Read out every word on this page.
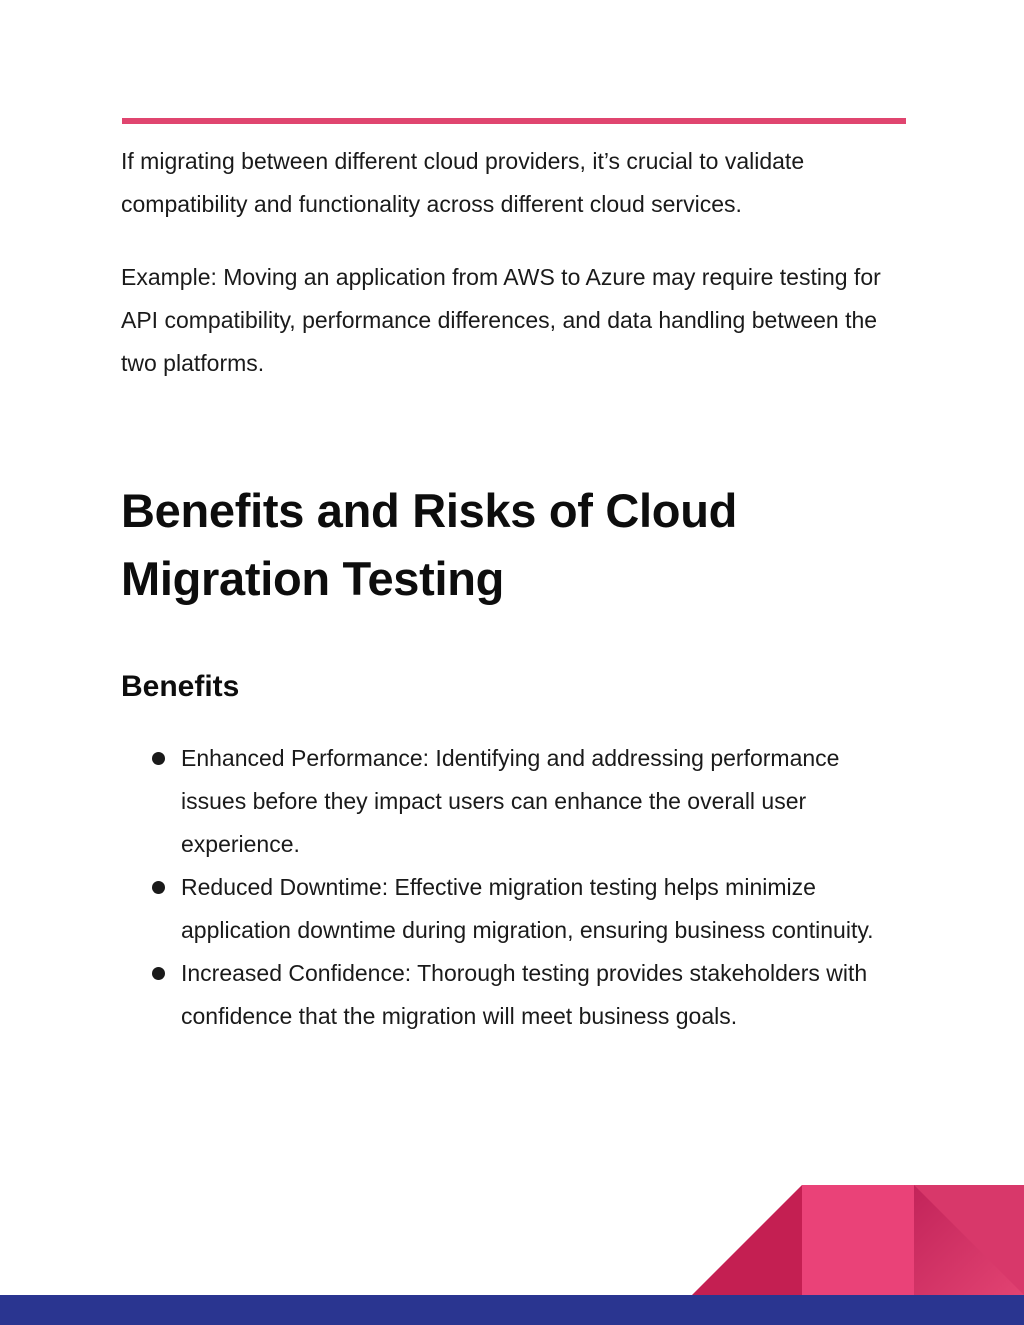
If migrating between different cloud providers, it’s crucial to validate compatibility and functionality across different cloud services.

Example: Moving an application from AWS to Azure may require testing for API compatibility, performance differences, and data handling between the two platforms.

Benefits and Risks of Cloud Migration Testing
Benefits
Enhanced Performance: Identifying and addressing performance issues before they impact users can enhance the overall user experience.
Reduced Downtime: Effective migration testing helps minimize application downtime during migration, ensuring business continuity.
Increased Confidence: Thorough testing provides stakeholders with confidence that the migration will meet business goals.
